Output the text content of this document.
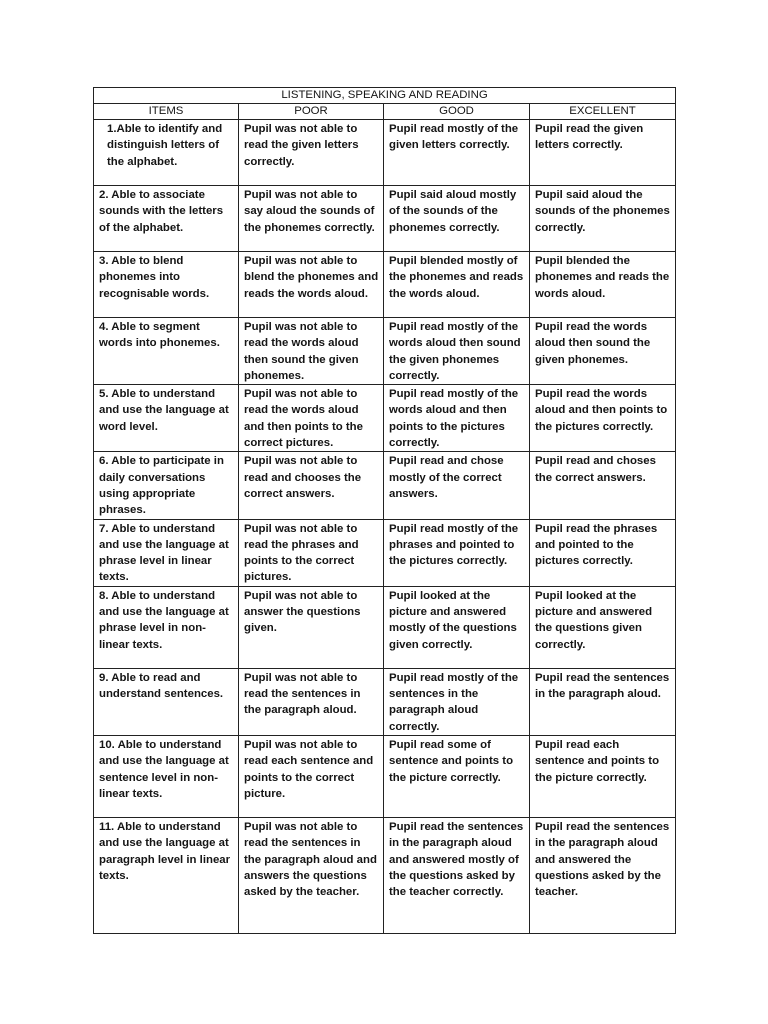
LISTENING, SPEAKING AND READING			
ITEMS	POOR	GOOD	EXCELLENT
1.Able to identify and distinguish letters of the alphabet.	Pupil was not able to read the given letters correctly.	Pupil read mostly of the given letters correctly.	Pupil read the given letters correctly.
2. Able to associate sounds with the letters of the alphabet.	Pupil was not able to say aloud the sounds of the phonemes correctly.	Pupil said aloud mostly of the sounds of the phonemes correctly.	Pupil said aloud the sounds of the phonemes correctly.
3. Able to blend phonemes into recognisable words.	Pupil was not able to blend the phonemes and reads the words aloud.	Pupil blended mostly of the phonemes and reads the words aloud.	Pupil blended the phonemes and reads the words aloud.
4. Able to segment words into phonemes.	Pupil was not able to read the words aloud then sound the given phonemes.	Pupil read mostly of the words aloud then sound the given phonemes correctly.	Pupil read the words aloud then sound the given phonemes.
5. Able to understand and use the language at word level.	Pupil was not able to read the words aloud and then points to the correct pictures.	Pupil read mostly of the words aloud and then points to the pictures correctly.	Pupil read the words aloud and then points to the pictures correctly.
6. Able to participate in daily conversations using appropriate phrases.	Pupil was not able to read and chooses the correct answers.	Pupil read and chose mostly of the correct answers.	Pupil read and choses the correct answers.
7. Able to understand and use the language at phrase level in linear texts.	Pupil was not able to read the phrases and points to the correct pictures.	Pupil read mostly of the phrases and pointed to the pictures correctly.	Pupil read the phrases and pointed to the pictures correctly.
8. Able to understand and use the language at phrase level in non-linear texts.	Pupil was not able to answer the questions given.	Pupil looked at the picture and answered mostly of the questions given correctly.	Pupil looked at the picture and answered the questions given correctly.
9. Able to read and understand sentences.	Pupil was not able to read the sentences in the paragraph aloud.	Pupil read mostly of the sentences in the paragraph aloud correctly.	Pupil read the sentences in the paragraph aloud.
10. Able to understand and use the language at sentence level in non-linear texts.	Pupil was not able to read each sentence and points to the correct picture.	Pupil read some of sentence and points to the picture correctly.	Pupil read each sentence and points to the picture correctly.
11. Able to understand and use the language at paragraph level in linear texts.	Pupil was not able to read the sentences in the paragraph aloud and answers the questions asked by the teacher.	Pupil read the sentences in the paragraph aloud and answered mostly of the questions asked by the teacher correctly.	Pupil read the sentences in the paragraph aloud and answered the questions asked by the teacher.
